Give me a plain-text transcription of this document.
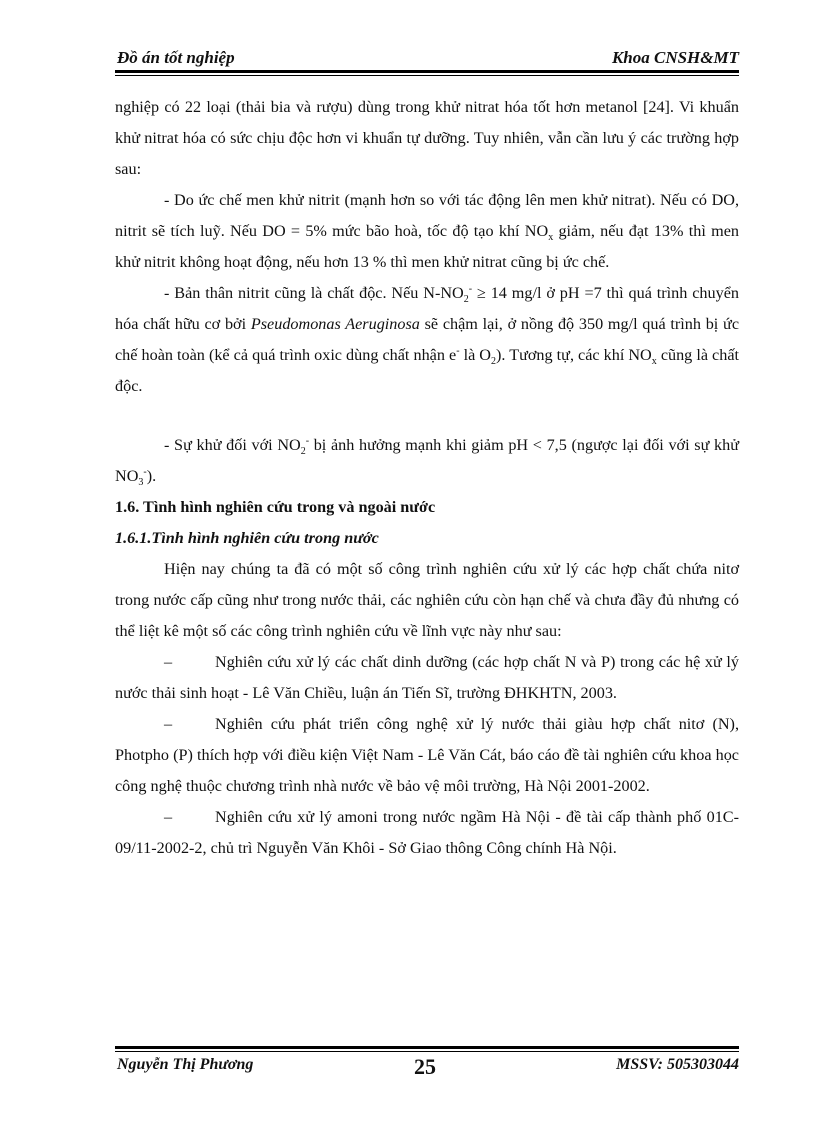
Đồ án tốt nghiệp	Khoa CNSH&MT

nghiệp có 22 loại (thải bia và rượu) dùng trong khử nitrat hóa tốt hơn metanol [24]. Vi khuẩn khử nitrat hóa có sức chịu độc hơn vi khuẩn tự dưỡng. Tuy nhiên, vẫn cần lưu ý các trường hợp sau:

- Do ức chế men khử nitrit (mạnh hơn so với tác động lên men khử nitrat). Nếu có DO, nitrit sẽ tích luỹ. Nếu DO = 5% mức bão hoà, tốc độ tạo khí $NO_x$ giảm, nếu đạt 13% thì men khử nitrit không hoạt động, nếu hơn 13 % thì men khử nitrat cũng bị ức chế.

- Bản thân nitrit cũng là chất độc. Nếu $N-NO_2^- \ge 14$ mg/l ở pH =7 thì quá trình chuyển hóa chất hữu cơ bởi Pseudomonas Aeruginosa sẽ chậm lại, ở nồng độ 350 mg/l quá trình bị ức chế hoàn toàn (kể cả quá trình oxic dùng chất nhận e- là $O_2$). Tương tự, các khí $NO_x$ cũng là chất độc.

- Sự khử đối với $NO_2^-$ bị ảnh hưởng mạnh khi giảm pH < 7,5 (ngược lại đối với sự khử $NO_3^-$).

1.6. Tình hình nghiên cứu trong và ngoài nước

1.6.1.Tình hình nghiên cứu trong nước

Hiện nay chúng ta đã có một số công trình nghiên cứu xử lý các hợp chất chứa nitơ trong nước cấp cũng như trong nước thải, các nghiên cứu còn hạn chế và chưa đầy đủ nhưng có thể liệt kê một số các công trình nghiên cứu về lĩnh vực này như sau:

–	Nghiên cứu xử lý các chất dinh dưỡng (các hợp chất N và P) trong các hệ xử lý nước thải sinh hoạt - Lê Văn Chiều, luận án Tiến Sĩ, trường ĐHKHTN, 2003.

–	Nghiên cứu phát triển công nghệ xử lý nước thải giàu hợp chất nitơ (N), Photpho (P) thích hợp với điều kiện Việt Nam - Lê Văn Cát, báo cáo đề tài nghiên cứu khoa học công nghệ thuộc chương trình nhà nước về bảo vệ môi trường, Hà Nội 2001-2002.

–	Nghiên cứu xử lý amoni trong nước ngầm Hà Nội - đề tài cấp thành phố 01C-09/11-2002-2, chủ trì Nguyễn Văn Khôi - Sở Giao thông Công chính Hà Nội.

Nguyễn Thị Phương	25	MSSV: 505303044
